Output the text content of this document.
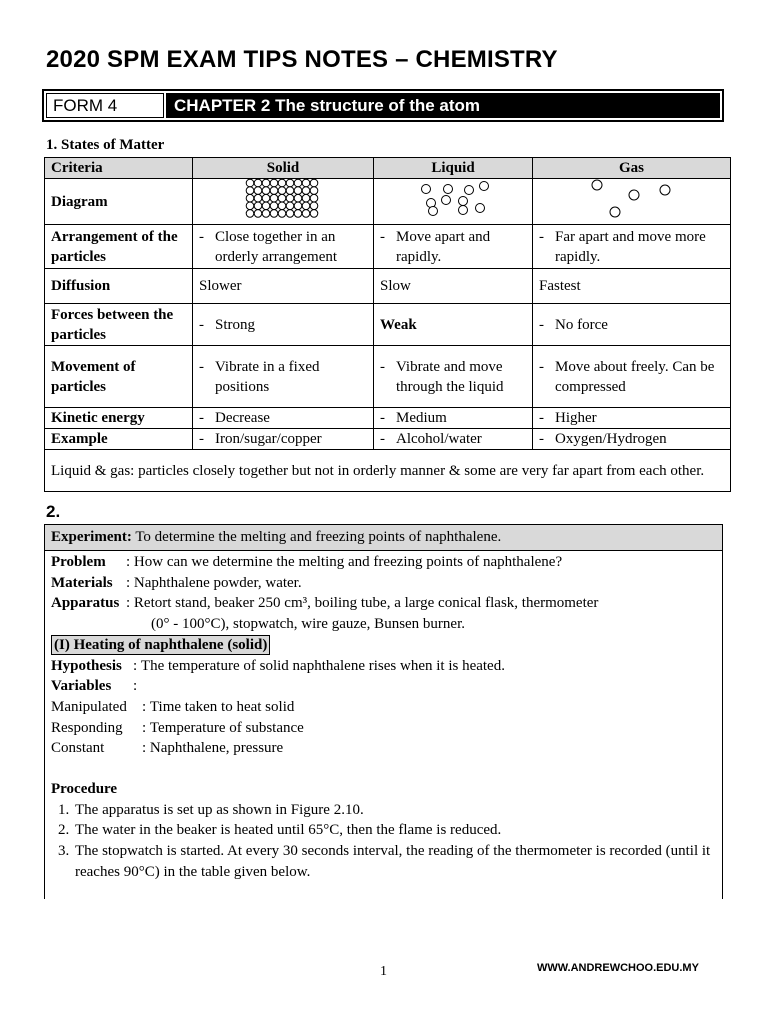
2020 SPM EXAM TIPS NOTES – CHEMISTRY
FORM 4	CHAPTER 2 The structure of the atom
1. States of Matter
Criteria	Solid	Liquid	Gas
Diagram			
Arrangement of the particles	- Close together in an orderly arrangement	- Move apart and rapidly.	- Far apart and move more rapidly.

Diffusion	Slower	Slow	Fastest
Forces between the particles	- Strong	Weak	- No force

Movement of particles	- Vibrate in a fixed positions	- Vibrate and move through the liquid	- Move about freely. Can be compressed

Kinetic energy	- Decrease	- Medium	- Higher

Example	- Iron/sugar/copper	- Alcohol/water	- Oxygen/Hydrogen

Liquid & gas: particles closely together but not in orderly manner & some are very far apart from each other.			
2.
Experiment: To determine the melting and freezing points of naphthalene.
Problem	: How can we determine the melting and freezing points of naphthalene?
Materials : Naphthalene powder, water.
Apparatus : Retort stand, beaker 250 cm³, boiling tube, a large conical flask, thermometer
(0° - 100°C), stopwatch, wire gauze, Bunsen burner.
(I) Heating of naphthalene (solid)
Hypothesis : The temperature of solid naphthalene rises when it is heated.
Variables	:
Manipulated	: Time taken to heat solid
Responding	: Temperature of substance
Constant	: Naphthalene, pressure
Procedure
1. The apparatus is set up as shown in Figure 2.10.
2. The water in the beaker is heated until 65°C, then the flame is reduced.
3. The stopwatch is started. At every 30 seconds interval, the reading of the thermometer is recorded (until it reaches 90°C) in the table given below.
1	WWW.ANDREWCHOO.EDU.MY
